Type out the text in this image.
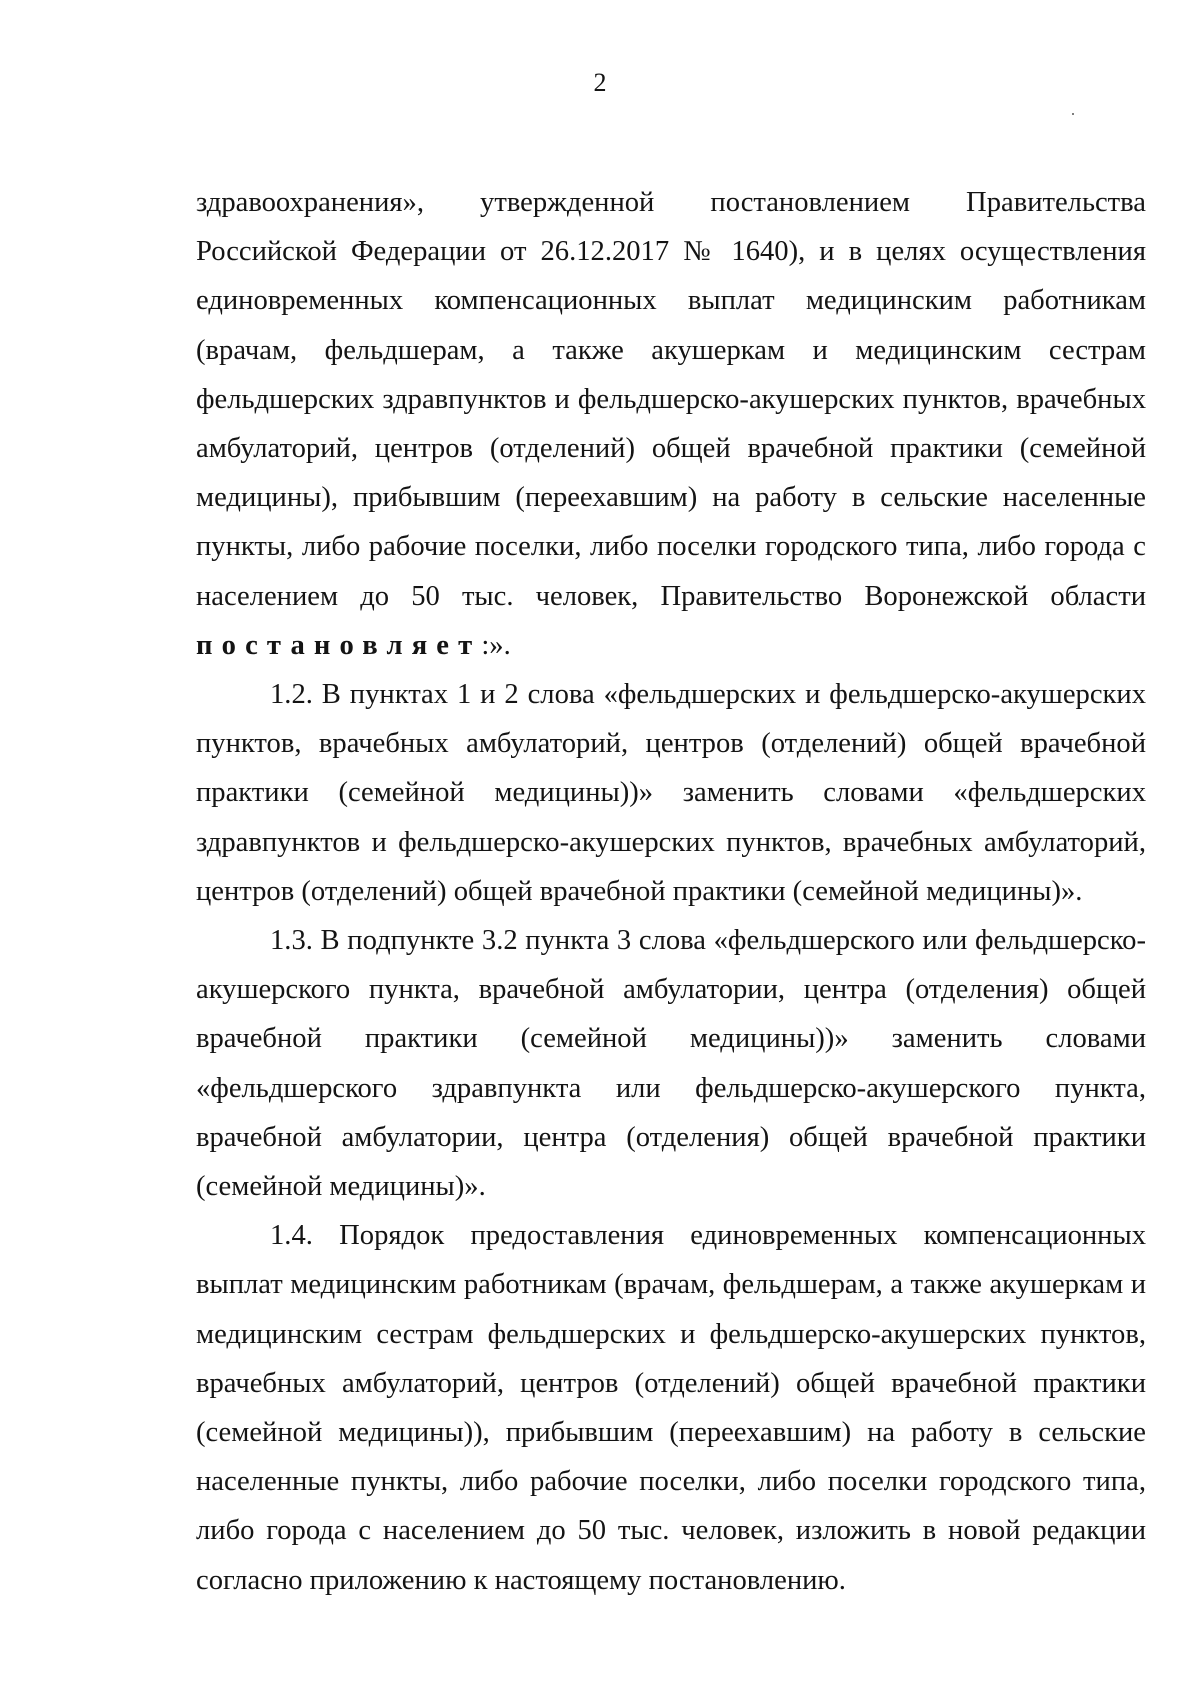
2

здравоохранения», утвержденной постановлением Правительства Российской Федерации от 26.12.2017 № 1640), и в целях осуществления единовременных компенсационных выплат медицинским работникам (врачам, фельдшерам, а также акушеркам и медицинским сестрам фельдшерских здравпунктов и фельдшерско-акушерских пунктов, врачебных амбулаторий, центров (отделений) общей врачебной практики (семейной медицины), прибывшим (переехавшим) на работу в сельские населенные пункты, либо рабочие поселки, либо поселки городского типа, либо города с населением до 50 тыс. человек, Правительство Воронежской области постановляет:».

1.2. В пунктах 1 и 2 слова «фельдшерских и фельдшерско-акушерских пунктов, врачебных амбулаторий, центров (отделений) общей врачебной практики (семейной медицины))» заменить словами «фельдшерских здравпунктов и фельдшерско-акушерских пунктов, врачебных амбулаторий, центров (отделений) общей врачебной практики (семейной медицины)».

1.3. В подпункте 3.2 пункта 3 слова «фельдшерского или фельдшерско-акушерского пункта, врачебной амбулатории, центра (отделения) общей врачебной практики (семейной медицины))» заменить словами «фельдшерского здравпункта или фельдшерско-акушерского пункта, врачебной амбулатории, центра (отделения) общей врачебной практики (семейной медицины)».

1.4. Порядок предоставления единовременных компенсационных выплат медицинским работникам (врачам, фельдшерам, а также акушеркам и медицинским сестрам фельдшерских и фельдшерско-акушерских пунктов, врачебных амбулаторий, центров (отделений) общей врачебной практики (семейной медицины)), прибывшим (переехавшим) на работу в сельские населенные пункты, либо рабочие поселки, либо поселки городского типа, либо города с населением до 50 тыс. человек, изложить в новой редакции согласно приложению к настоящему постановлению.
